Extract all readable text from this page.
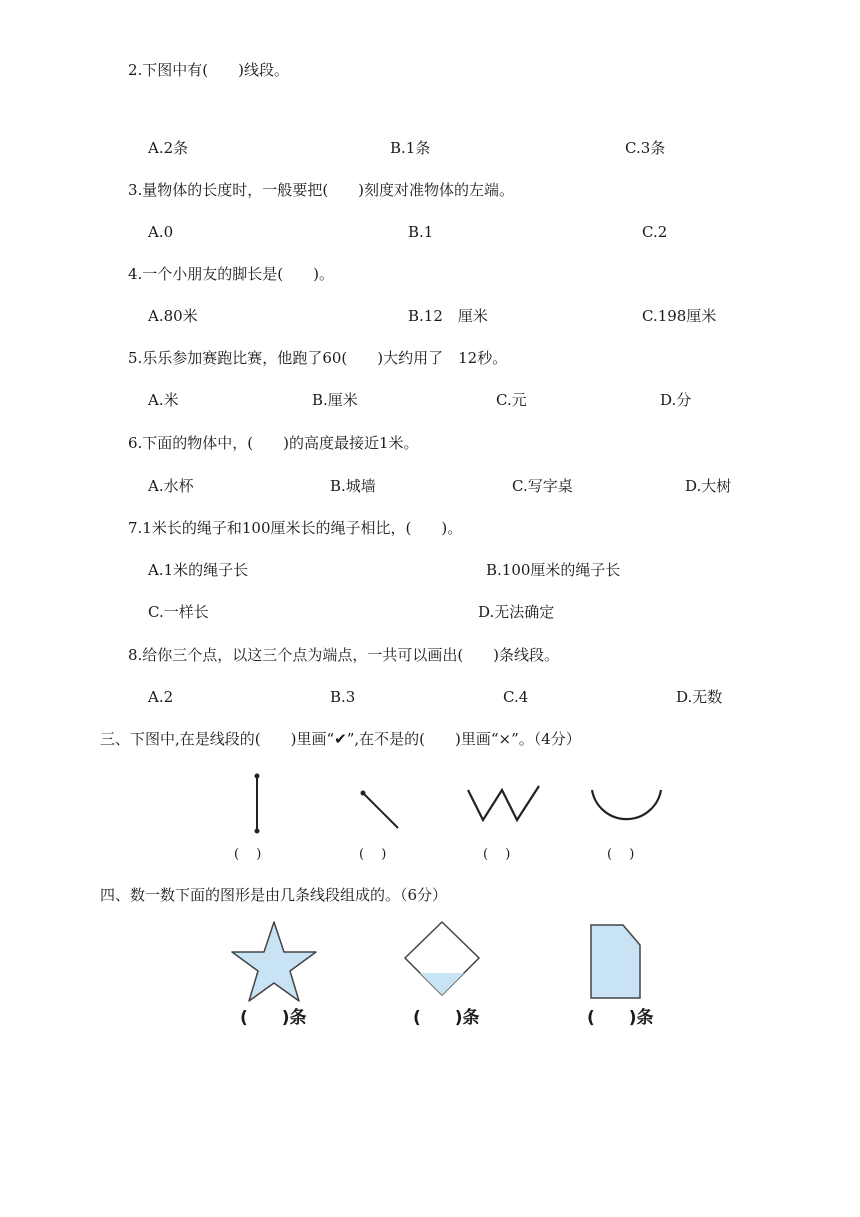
2.下图中有(　　)线段。
A.2条	B.1条	C.3条
3.量物体的长度时，一般要把(　　)刻度对准物体的左端。
A.0	B.1	C.2
4.一个小朋友的脚长是(　　)。
A.80米	B.12　厘米	C.198厘米
5.乐乐参加赛跑比赛，他跑了60(　　)大约用了　12秒。
A.米	B.厘米	C.元	D.分
6.下面的物体中，(　　)的高度最接近1米。
A.水杯	B.城墙	C.写字桌	D.大树
7.1米长的绳子和100厘米长的绳子相比，(　　)。
A.1米的绳子长	B.100厘米的绳子长
C.一样长	D.无法确定
8.给你三个点，以这三个点为端点，一共可以画出(　　)条线段。
A.2	B.3	C.4	D.无数
三、下图中,在是线段的(　　)里画“✔”,在不是的(　　)里画“×”。（4分）
(　 )	(　 )	(　 )	(　 )
四、数一数下面的图形是由几条线段组成的。（6分）
(　　)条	(　　)条	(　　)条
